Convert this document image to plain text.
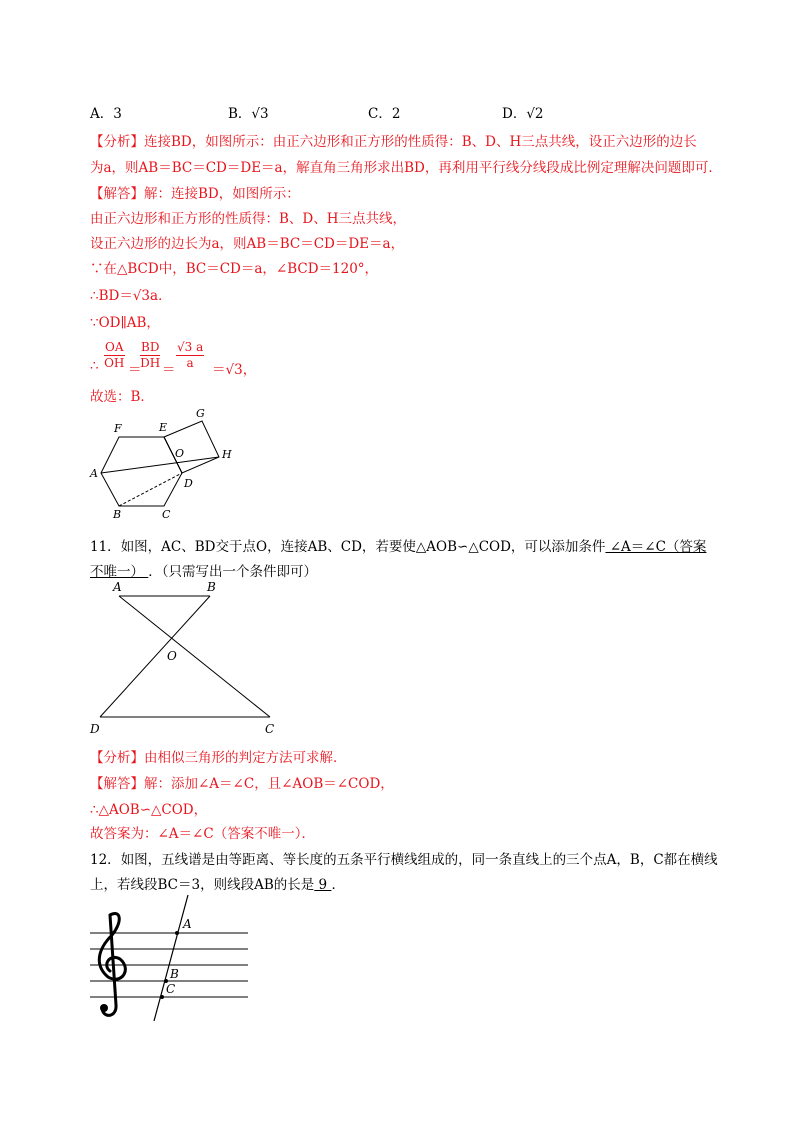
A．3	B．√3	C．2	D．√2
【分析】连接BD，如图所示：由正六边形和正方形的性质得：B、D、H三点共线，设正六边形的边长
为a，则AB＝BC＝CD＝DE＝a，解直角三角形求出BD，再利用平行线分线段成比例定理解决问题即可．
【解答】解：连接BD，如图所示：
由正六边形和正方形的性质得：B、D、H三点共线，
设正六边形的边长为a，则AB＝BC＝CD＝DE＝a，
∵在△BCD中，BC＝CD＝a，∠BCD＝120°，
∴BD＝√3a．
∵OD∥AB，
∴ $\frac{OA}{OH}$ ＝
$\frac{BD}{DH} = \frac{√3 a}{a} =√3$，
故选：B．
F	E
G
A
O	H
D
B	C
11．如图，AC、BD交于点O，连接AB、CD，若要使△AOB∽△COD，可以添加条件 ∠A＝∠C（答案
不唯一） ．（只需写出一个条件即可）
A	B
O
D	C
【分析】由相似三角形的判定方法可求解．
【解答】解：添加∠A＝∠C，且∠AOB＝∠COD，
∴△AOB∽△COD，
故答案为：∠A＝∠C（答案不唯一）．
12．如图，五线谱是由等距离、等长度的五条平行横线组成的，同一条直线上的三个点A，B，C都在横线
上，若线段BC＝3，则线段AB的长是 9 ．
A
B
C
